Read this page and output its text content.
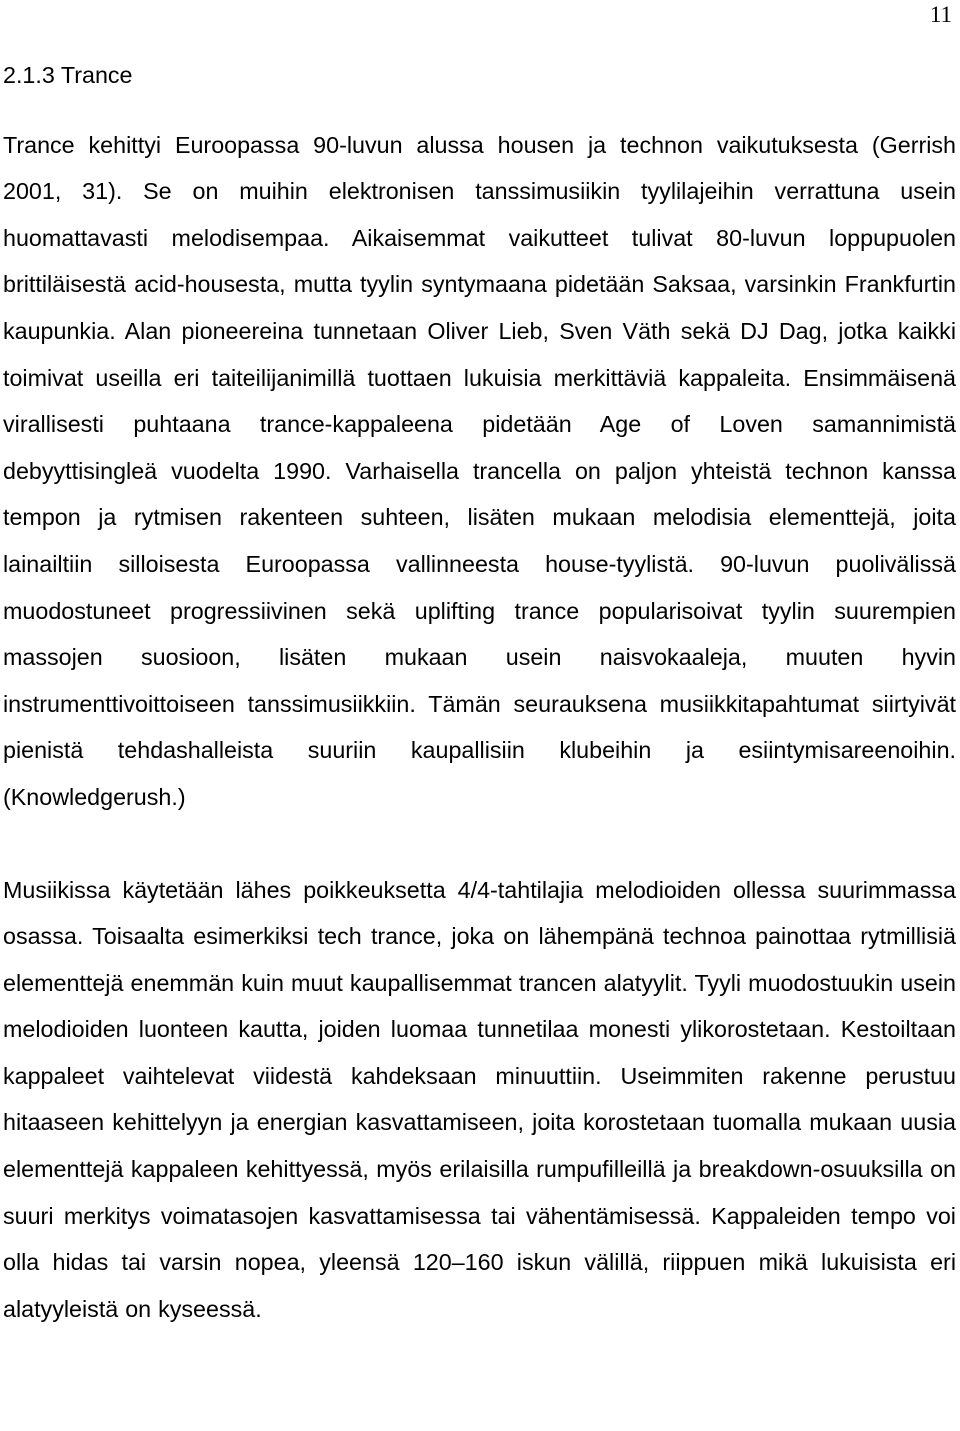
11
2.1.3 Trance

Trance kehittyi Euroopassa 90-luvun alussa housen ja technon vaikutuksesta (Gerrish 2001, 31). Se on muihin elektronisen tanssimusiikin tyylilajeihin verrattuna usein huomattavasti melodisempaa. Aikaisemmat vaikutteet tulivat 80-luvun loppupuolen brittiläisestä acid-housesta, mutta tyylin syntymaana pidetään Saksaa, varsinkin Frankfurtin kaupunkia. Alan pioneereina tunnetaan Oliver Lieb, Sven Väth sekä DJ Dag, jotka kaikki toimivat useilla eri taiteilijanimillä tuottaen lukuisia merkittäviä kappaleita. Ensimmäisenä virallisesti puhtaana trance-kappaleena pidetään Age of Loven samannimistä debyyttisingleä vuodelta 1990. Varhaisella trancella on paljon yhteistä technon kanssa tempon ja rytmisen rakenteen suhteen, lisäten mukaan melodisia elementtejä, joita lainailtiin silloisesta Euroopassa vallinneesta house-tyylistä. 90-luvun puolivälissä muodostuneet progressiivinen sekä uplifting trance popularisoivat tyylin suurempien massojen suosioon, lisäten mukaan usein naisvokaaleja, muuten hyvin instrumenttivoittoiseen tanssimusiikkiin. Tämän seurauksena musiikkitapahtumat siirtyivät pienistä tehdashalleista suuriin kaupallisiin klubeihin ja esiintymisareenoihin. (Knowledgerush.)

Musiikissa käytetään lähes poikkeuksetta 4/4-tahtilajia melodioiden ollessa suurimmassa osassa. Toisaalta esimerkiksi tech trance, joka on lähempänä technoa painottaa rytmillisiä elementtejä enemmän kuin muut kaupallisemmat trancen alatyylit. Tyyli muodostuukin usein melodioiden luonteen kautta, joiden luomaa tunnetilaa monesti ylikorostetaan. Kestoiltaan kappaleet vaihtelevat viidestä kahdeksaan minuuttiin. Useimmiten rakenne perustuu hitaaseen kehittelyyn ja energian kasvattamiseen, joita korostetaan tuomalla mukaan uusia elementtejä kappaleen kehittyessä, myös erilaisilla rumpufilleillä ja breakdown-osuuksilla on suuri merkitys voimatasojen kasvattamisessa tai vähentämisessä. Kappaleiden tempo voi olla hidas tai varsin nopea, yleensä 120–160 iskun välillä, riippuen mikä lukuisista eri alatyyleistä on kyseessä.
